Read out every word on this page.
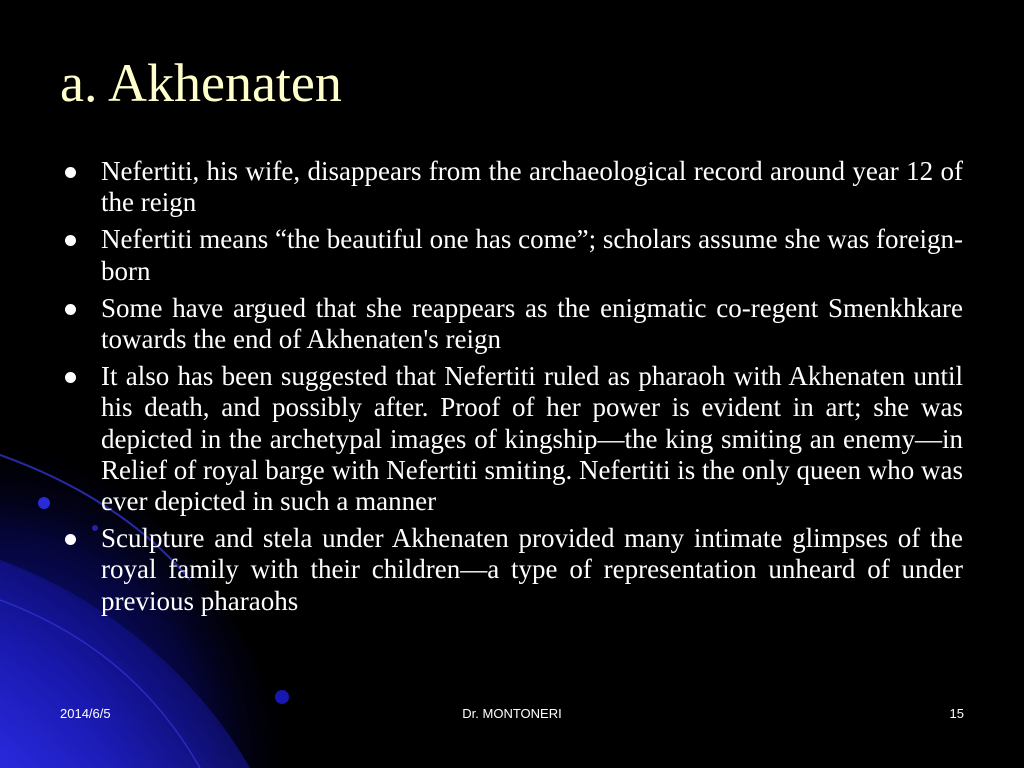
a. Akhenaten
Nefertiti, his wife, disappears from the archaeological record around year 12 of the reign
Nefertiti means “the beautiful one has come”; scholars assume she was foreign-born
Some have argued that she reappears as the enigmatic co-regent Smenkhkare towards the end of Akhenaten's reign
It also has been suggested that Nefertiti ruled as pharaoh with Akhenaten until his death, and possibly after. Proof of her power is evident in art; she was depicted in the archetypal images of kingship—the king smiting an enemy—in Relief of royal barge with Nefertiti smiting. Nefertiti is the only queen who was ever depicted in such a manner
Sculpture and stela under Akhenaten provided many intimate glimpses of the royal family with their children—a type of representation unheard of under previous pharaohs
2014/6/5	Dr. MONTONERI	15
